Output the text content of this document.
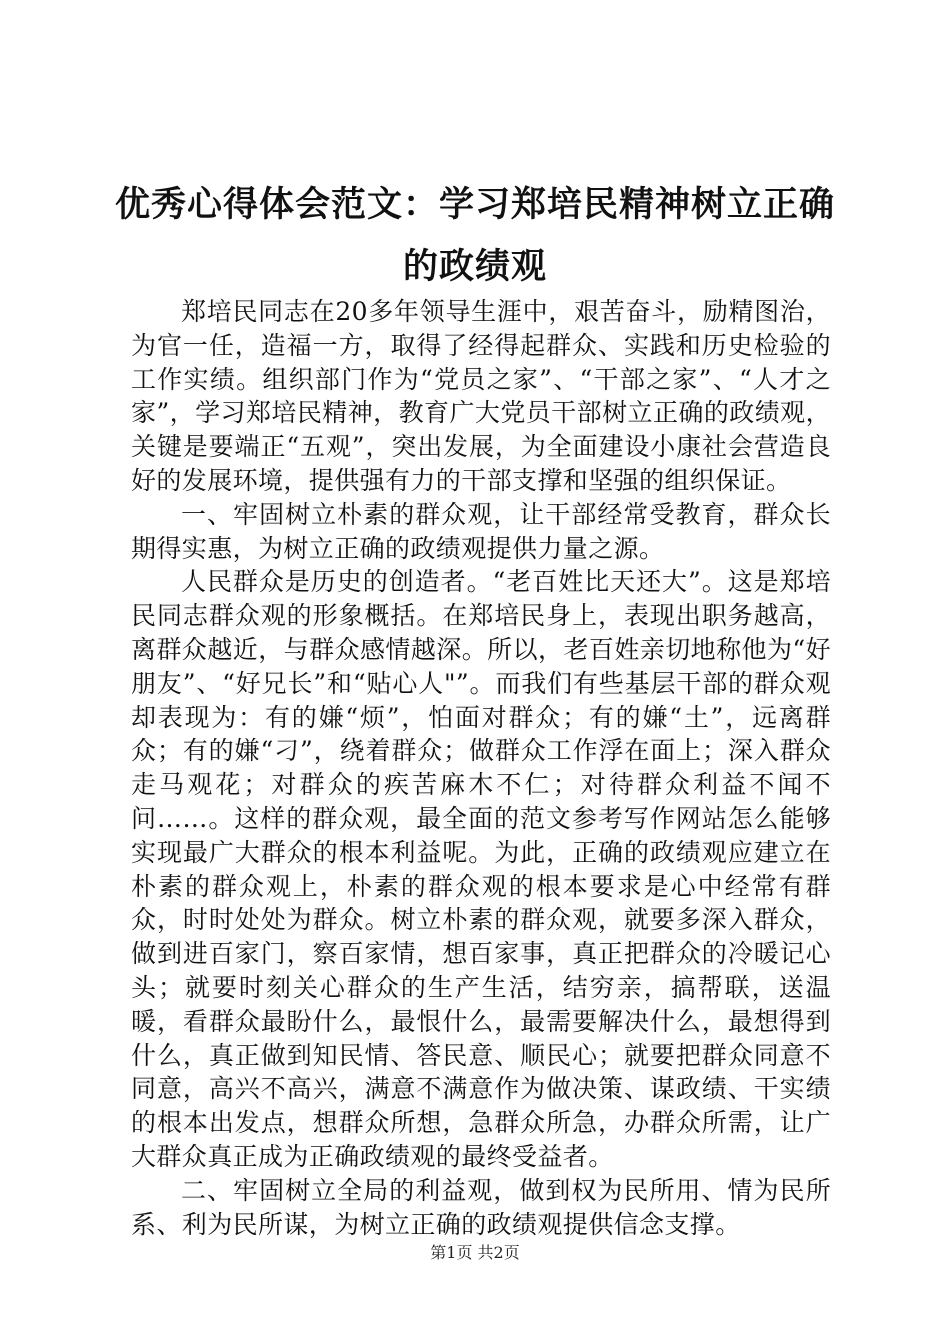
优秀心得体会范文：学习郑培民精神树立正确
的政绩观

郑培民同志在20多年领导生涯中，艰苦奋斗，励精图治，为官一任，造福一方，取得了经得起群众、实践和历史检验的工作实绩。组织部门作为“党员之家”、“干部之家”、“人才之家”，学习郑培民精神，教育广大党员干部树立正确的政绩观，关键是要端正“五观”，突出发展，为全面建设小康社会营造良好的发展环境，提供强有力的干部支撑和坚强的组织保证。

一、牢固树立朴素的群众观，让干部经常受教育，群众长期得实惠，为树立正确的政绩观提供力量之源。

人民群众是历史的创造者。“老百姓比天还大”。这是郑培民同志群众观的形象概括。在郑培民身上，表现出职务越高，离群众越近，与群众感情越深。所以，老百姓亲切地称他为“好朋友”、“好兄长”和“贴心人"”。而我们有些基层干部的群众观却表现为：有的嫌“烦”，怕面对群众；有的嫌“土”，远离群众；有的嫌“刁”，绕着群众；做群众工作浮在面上；深入群众走马观花；对群众的疾苦麻木不仁；对待群众利益不闻不问……。这样的群众观，最全面的范文参考写作网站怎么能够实现最广大群众的根本利益呢。为此，正确的政绩观应建立在朴素的群众观上，朴素的群众观的根本要求是心中经常有群众，时时处处为群众。树立朴素的群众观，就要多深入群众，做到进百家门，察百家情，想百家事，真正把群众的冷暖记心头；就要时刻关心群众的生产生活，结穷亲，搞帮联，送温暖，看群众最盼什么，最恨什么，最需要解决什么，最想得到什么，真正做到知民情、答民意、顺民心；就要把群众同意不同意，高兴不高兴，满意不满意作为做决策、谋政绩、干实绩的根本出发点，想群众所想，急群众所急，办群众所需，让广大群众真正成为正确政绩观的最终受益者。

二、牢固树立全局的利益观，做到权为民所用、情为民所系、利为民所谋，为树立正确的政绩观提供信念支撑。

第1页 共2页
